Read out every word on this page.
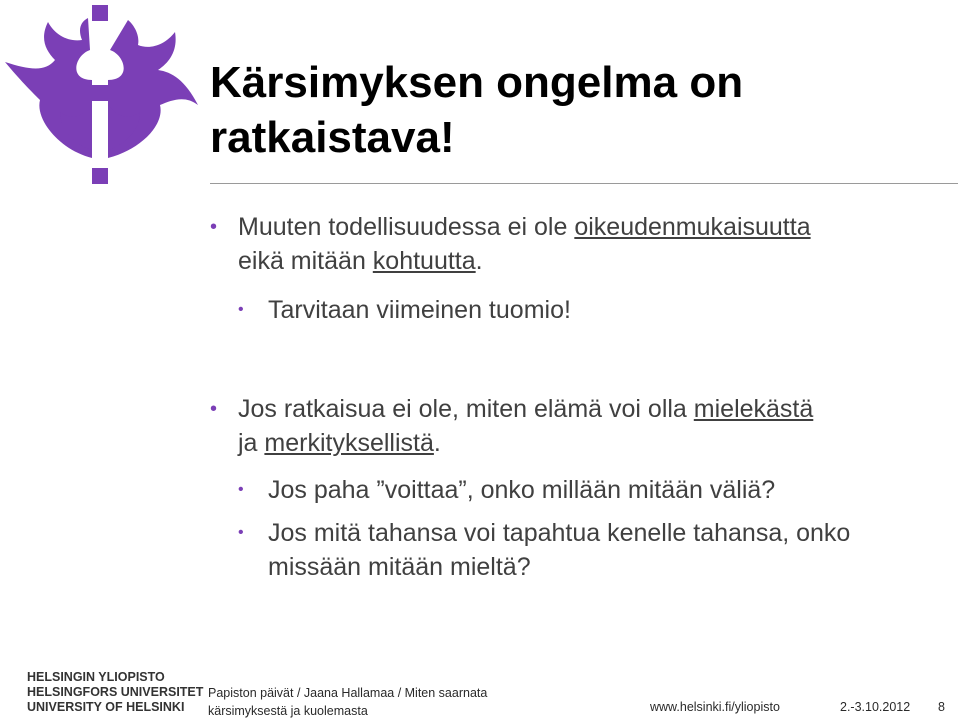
Kärsimyksen ongelma on
ratkaistava!
• Muuten todellisuudessa ei ole oikeudenmukaisuutta
eikä mitään kohtuutta.
• Tarvitaan viimeinen tuomio!
• Jos ratkaisua ei ole, miten elämä voi olla mielekästä
ja merkityksellistä.
• Jos paha ”voittaa”, onko millään mitään väliä?
• Jos mitä tahansa voi tapahtua kenelle tahansa, onko
missään mitään mieltä?
HELSINGIN YLIOPISTO
HELSINGFORS UNIVERSITET
UNIVERSITY OF HELSINKI
Papiston päivät / Jaana Hallamaa / Miten saarnata
kärsimyksestä ja kuolemasta	www.helsinki.fi/yliopisto	2.-3.10.2012 8
